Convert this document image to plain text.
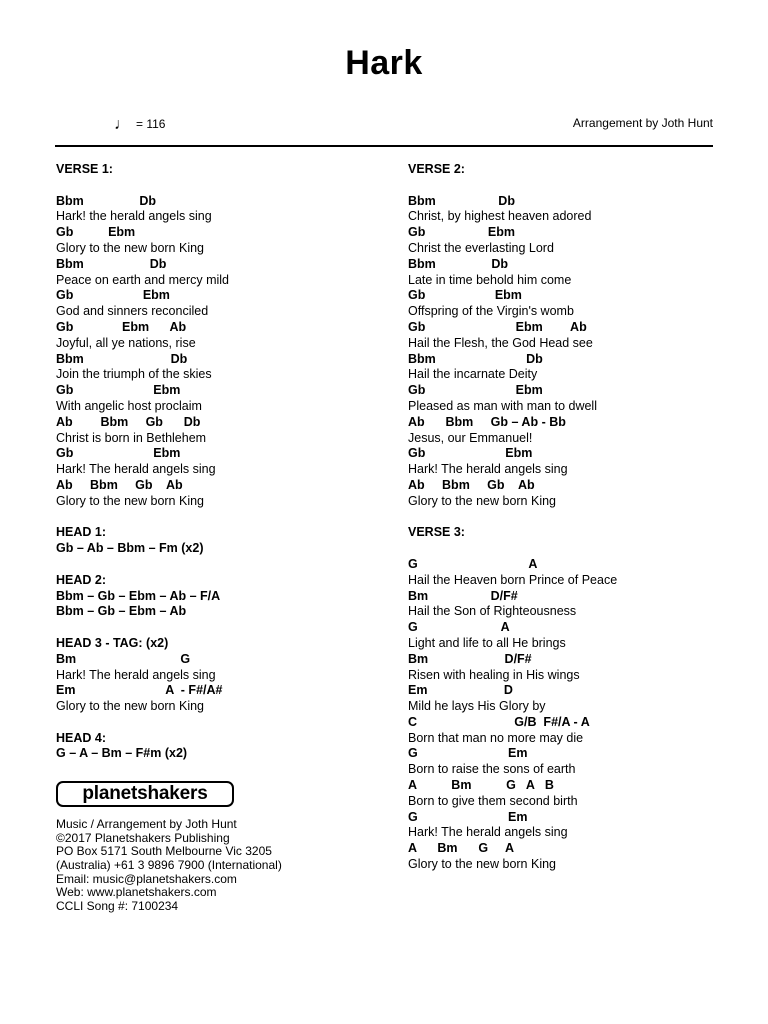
Hark
♩ = 116	Arrangement by Joth Hunt
VERSE 1:
Bbm                Db
Hark! the herald angels sing
Gb          Ebm
Glory to the new born King
Bbm                   Db
Peace on earth and mercy mild
Gb                    Ebm
God and sinners reconciled
Gb              Ebm      Ab
Joyful, all ye nations, rise
Bbm                         Db
Join the triumph of the skies
Gb                       Ebm
With angelic host proclaim
Ab        Bbm     Gb      Db
Christ is born in Bethlehem
Gb                       Ebm
Hark! The herald angels sing
Ab     Bbm     Gb    Ab
Glory to the new born King
HEAD 1:
Gb – Ab – Bbm – Fm (x2)
HEAD 2:
Bbm – Gb – Ebm – Ab – F/A
Bbm – Gb – Ebm – Ab
HEAD 3 - TAG: (x2)
Bm                              G
Hark! The herald angels sing
Em                          A  - F#/A#
Glory to the new born King
HEAD 4:
G – A – Bm – F#m (x2)
VERSE 2:
Bbm                  Db
Christ, by highest heaven adored
Gb                  Ebm
Christ the everlasting Lord
Bbm                Db
Late in time behold him come
Gb                    Ebm
Offspring of the Virgin's womb
Gb                          Ebm        Ab
Hail the Flesh, the God Head see
Bbm                          Db
Hail the incarnate Deity
Gb                          Ebm
Pleased as man with man to dwell
Ab      Bbm     Gb – Ab - Bb
Jesus, our Emmanuel!
Gb                       Ebm
Hark! The herald angels sing
Ab     Bbm     Gb    Ab
Glory to the new born King
VERSE 3:
G                                A
Hail the Heaven born Prince of Peace
Bm                  D/F#
Hail the Son of Righteousness
G                        A
Light and life to all He brings
Bm                      D/F#
Risen with healing in His wings
Em                      D
Mild he lays His Glory by
C                            G/B  F#/A - A
Born that man no more may die
G                          Em
Born to raise the sons of earth
A          Bm          G   A   B
Born to give them second birth
G                          Em
Hark! The herald angels sing
A      Bm      G     A
Glory to the new born King
planetshakers
Music / Arrangement by Joth Hunt
©2017 Planetshakers Publishing
PO Box 5171 South Melbourne Vic 3205
(Australia) +61 3 9896 7900 (International)
Email: music@planetshakers.com
Web: www.planetshakers.com
CCLI Song #: 7100234
